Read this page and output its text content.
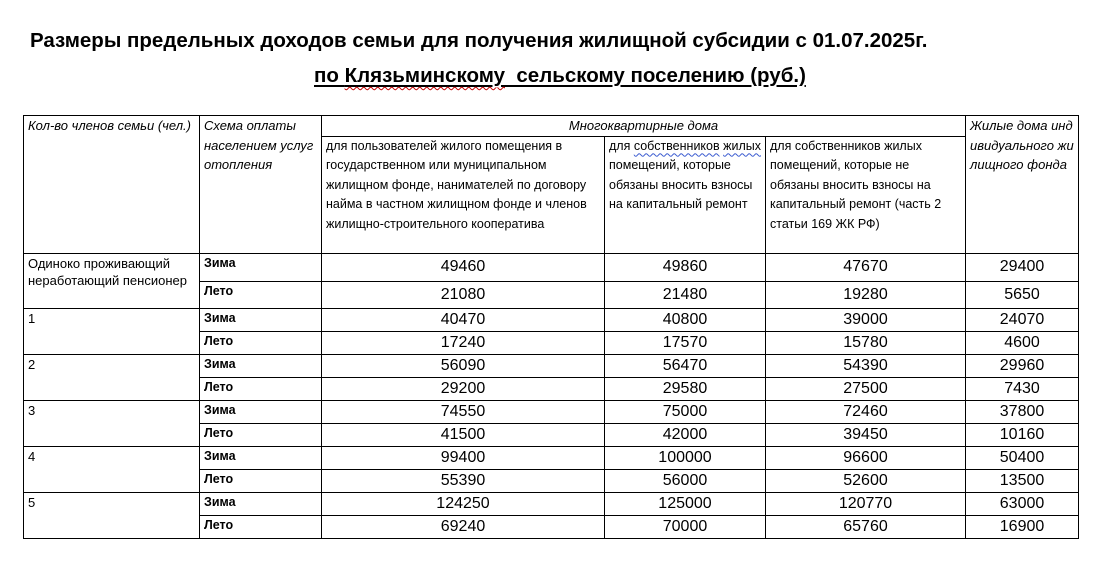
Размеры предельных доходов семьи для получения жилищной субсидии с 01.07.2025г.
по Клязьминскому  сельскому поселению (руб.)
Кол-во членов семьи (чел.)	Схема оплаты населением услуг отопления	Многоквартирные дома			Жилые дома индивидуального жилищного фонда
		для пользователей жилого помещения в государственном или муниципальном жилищном фонде, нанимателей по договору найма в частном жилищном фонде и членов жилищно-строительного кооператива	для собственников жилых помещений, которые обязаны вносить взносы на капитальный ремонт	для собственников жилых помещений, которые не обязаны вносить взносы на капитальный ремонт (часть 2 статьи 169 ЖК РФ)	
Одиноко проживающий неработающий пенсионер	Зима	49460	49860	47670	29400
	Лето	21080	21480	19280	5650
1	Зима	40470	40800	39000	24070
	Лето	17240	17570	15780	4600
2	Зима	56090	56470	54390	29960
	Лето	29200	29580	27500	7430
3	Зима	74550	75000	72460	37800
	Лето	41500	42000	39450	10160
4	Зима	99400	100000	96600	50400
	Лето	55390	56000	52600	13500
5	Зима	124250	125000	120770	63000
	Лето	69240	70000	65760	16900
